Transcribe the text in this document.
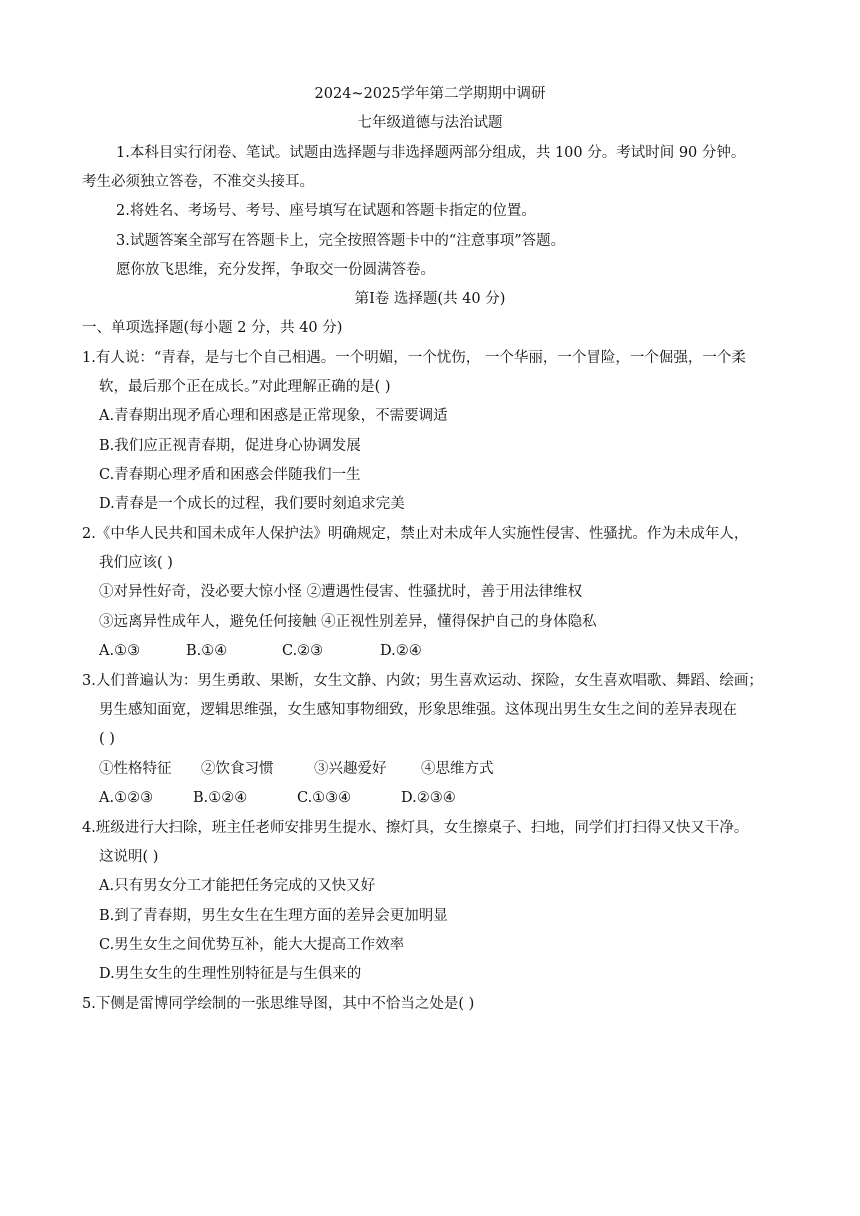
2024~2025学年第二学期期中调研
七年级道德与法治试题
1.本科目实行闭卷、笔试。试题由选择题与非选择题两部分组成，共 100 分。考试时间 90 分钟。
考生必须独立答卷，不准交头接耳。
2.将姓名、考场号、考号、座号填写在试题和答题卡指定的位置。
3.试题答案全部写在答题卡上，完全按照答题卡中的“注意事项”答题。
愿你放飞思维，充分发挥，争取交一份圆满答卷。
第Ⅰ卷 选择题(共 40 分)
一、单项选择题(每小题 2 分，共 40 分)
1.有人说：“青春，是与七个自己相遇。一个明媚，一个忧伤， 一个华丽，一个冒险，一个倔强，一个柔
软，最后那个正在成长。”对此理解正确的是( )
A.青春期出现矛盾心理和困惑是正常现象，不需要调适
B.我们应正视青春期，促进身心协调发展
C.青春期心理矛盾和困惑会伴随我们一生
D.青春是一个成长的过程，我们要时刻追求完美
2.《中华人民共和国未成年人保护法》明确规定，禁止对未成年人实施性侵害、性骚扰。作为未成年人，
我们应该( )
①对异性好奇，没必要大惊小怪 ②遭遇性侵害、性骚扰时，善于用法律维权
③远离异性成年人，避免任何接触 ④正视性别差异，懂得保护自己的身体隐私
A.①③	B.①④	C.②③	D.②④
3.人们普遍认为：男生勇敢、果断，女生文静、内敛；男生喜欢运动、探险，女生喜欢唱歌、舞蹈、绘画；
男生感知面宽，逻辑思维强，女生感知事物细致，形象思维强。这体现出男生女生之间的差异表现在
( )
①性格特征 ②饮食习惯	③兴趣爱好 ④思维方式
A.①②③	B.①②④	C.①③④	D.②③④
4.班级进行大扫除，班主任老师安排男生提水、擦灯具，女生擦桌子、扫地，同学们打扫得又快又干净。
这说明( )
A.只有男女分工才能把任务完成的又快又好
B.到了青春期，男生女生在生理方面的差异会更加明显
C.男生女生之间优势互补，能大大提高工作效率
D.男生女生的生理性别特征是与生俱来的
5.下侧是雷博同学绘制的一张思维导图，其中不恰当之处是( )
